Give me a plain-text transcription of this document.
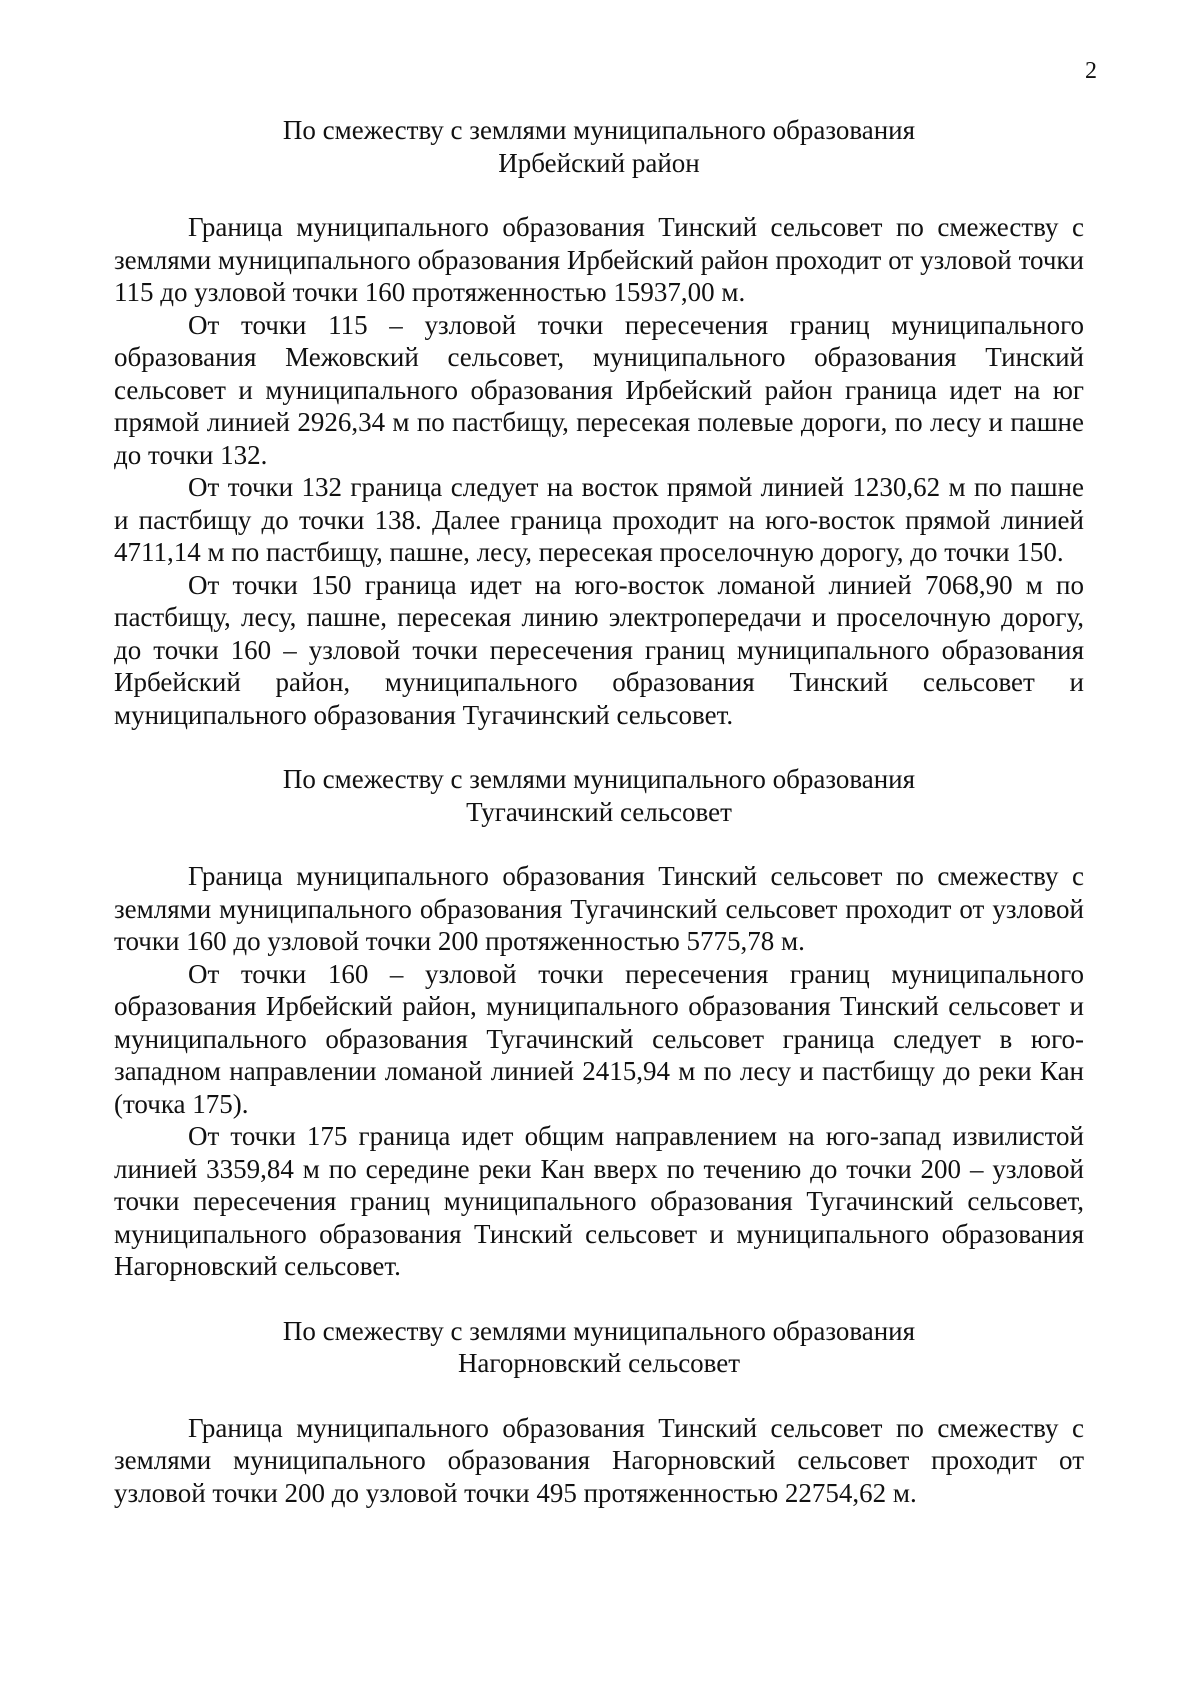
2
По смежеству с землями муниципального образования
Ирбейский район

Граница муниципального образования Тинский сельсовет по смежеству с землями муниципального образования Ирбейский район проходит от узловой точки 115 до узловой точки 160 протяженностью 15937,00 м.

От точки 115 – узловой точки пересечения границ муниципального образования Межовский сельсовет, муниципального образования Тинский сельсовет и муниципального образования Ирбейский район граница идет на юг прямой линией 2926,34 м по пастбищу, пересекая полевые дороги, по лесу и пашне до точки 132.

От точки 132 граница следует на восток прямой линией 1230,62 м по пашне и пастбищу до точки 138. Далее граница проходит на юго-восток прямой линией 4711,14 м по пастбищу, пашне, лесу, пересекая проселочную дорогу, до точки 150.

От точки 150 граница идет на юго-восток ломаной линией 7068,90 м по пастбищу, лесу, пашне, пересекая линию электропередачи и проселочную дорогу, до точки 160 – узловой точки пересечения границ муниципального образования Ирбейский район, муниципального образования Тинский сельсовет и муниципального образования Тугачинский сельсовет.

По смежеству с землями муниципального образования
Тугачинский сельсовет

Граница муниципального образования Тинский сельсовет по смежеству с землями муниципального образования Тугачинский сельсовет проходит от узловой точки 160 до узловой точки 200 протяженностью 5775,78 м.

От точки 160 – узловой точки пересечения границ муниципального образования Ирбейский район, муниципального образования Тинский сельсовет и муниципального образования Тугачинский сельсовет граница следует в юго-западном направлении ломаной линией 2415,94 м по лесу и пастбищу до реки Кан (точка 175).

От точки 175 граница идет общим направлением на юго-запад извилистой линией 3359,84 м по середине реки Кан вверх по течению до точки 200 – узловой точки пересечения границ муниципального образования Тугачинский сельсовет, муниципального образования Тинский сельсовет и муниципального образования Нагорновский сельсовет.

По смежеству с землями муниципального образования
Нагорновский сельсовет

Граница муниципального образования Тинский сельсовет по смежеству с землями муниципального образования Нагорновский сельсовет проходит от узловой точки 200 до узловой точки 495 протяженностью 22754,62 м.
